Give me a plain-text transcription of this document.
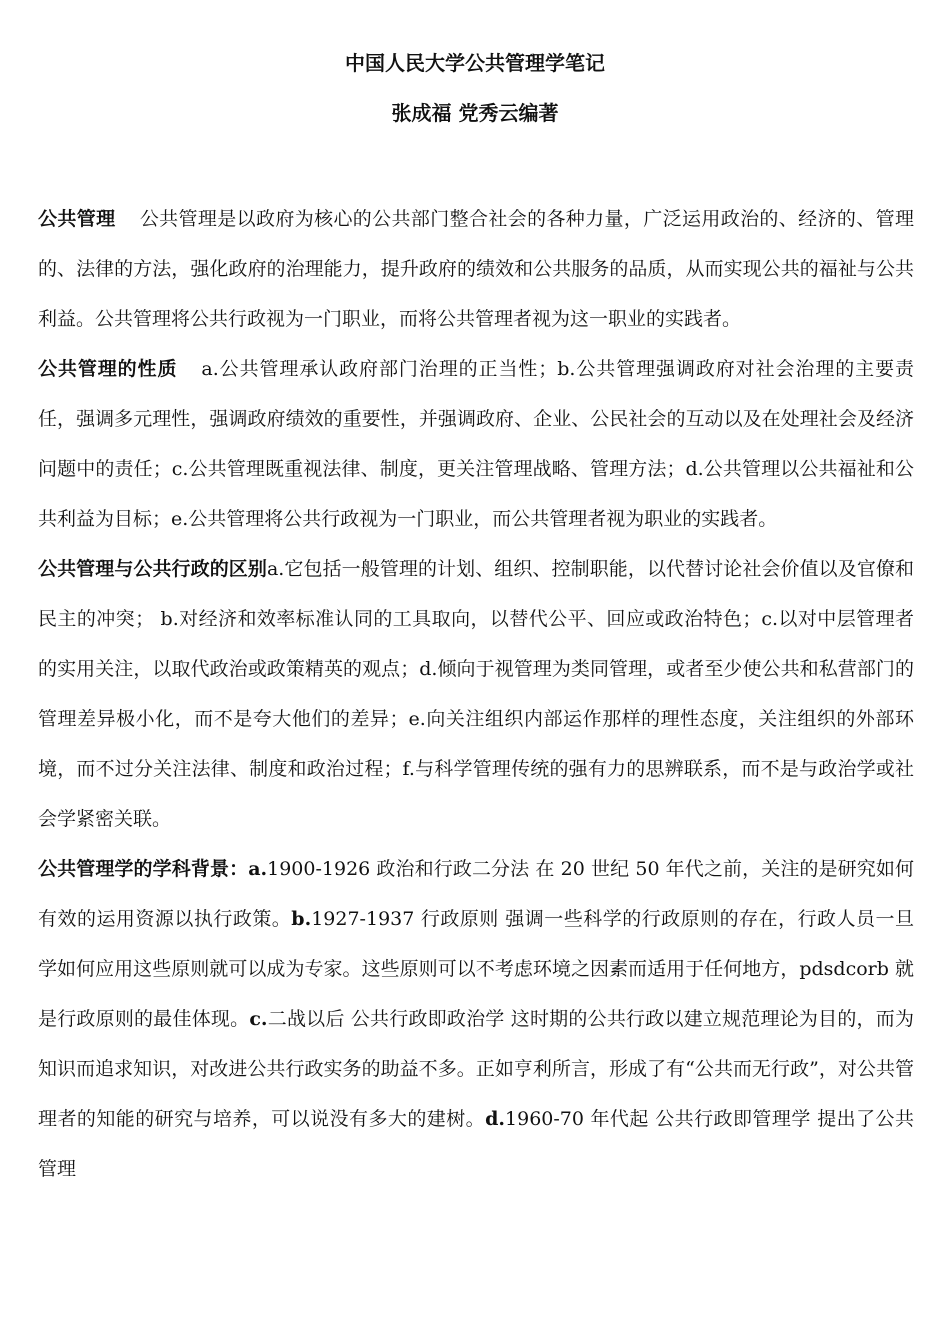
中国人民大学公共管理学笔记
张成福 党秀云编著

公共管理 公共管理是以政府为核心的公共部门整合社会的各种力量，广泛运用政治的、经济的、管理的、法律的方法，强化政府的治理能力，提升政府的绩效和公共服务的品质，从而实现公共的福祉与公共利益。公共管理将公共行政视为一门职业，而将公共管理者视为这一职业的实践者。

公共管理的性质 a.公共管理承认政府部门治理的正当性；b.公共管理强调政府对社会治理的主要责任，强调多元理性，强调政府绩效的重要性，并强调政府、企业、公民社会的互动以及在处理社会及经济问题中的责任；c.公共管理既重视法律、制度，更关注管理战略、管理方法；d.公共管理以公共福祉和公共利益为目标；e.公共管理将公共行政视为一门职业，而公共管理者视为职业的实践者。

公共管理与公共行政的区别a.它包括一般管理的计划、组织、控制职能，以代替讨论社会价值以及官僚和民主的冲突； b.对经济和效率标准认同的工具取向，以替代公平、回应或政治特色；c.以对中层管理者的实用关注，以取代政治或政策精英的观点；d.倾向于视管理为类同管理，或者至少使公共和私营部门的管理差异极小化，而不是夸大他们的差异；e.向关注组织内部运作那样的理性态度，关注组织的外部环境，而不过分关注法律、制度和政治过程；f.与科学管理传统的强有力的思辨联系，而不是与政治学或社会学紧密关联。

公共管理学的学科背景：a.1900-1926 政治和行政二分法 在 20 世纪 50 年代之前，关注的是研究如何有效的运用资源以执行政策。b.1927-1937 行政原则 强调一些科学的行政原则的存在，行政人员一旦学如何应用这些原则就可以成为专家。这些原则可以不考虑环境之因素而适用于任何地方，pdsdcorb 就是行政原则的最佳体现。c.二战以后 公共行政即政治学 这时期的公共行政以建立规范理论为目的，而为知识而追求知识，对改进公共行政实务的助益不多。正如亨利所言，形成了有“公共而无行政”，对公共管理者的知能的研究与培养，可以说没有多大的建树。d.1960-70 年代起 公共行政即管理学 提出了公共管理
